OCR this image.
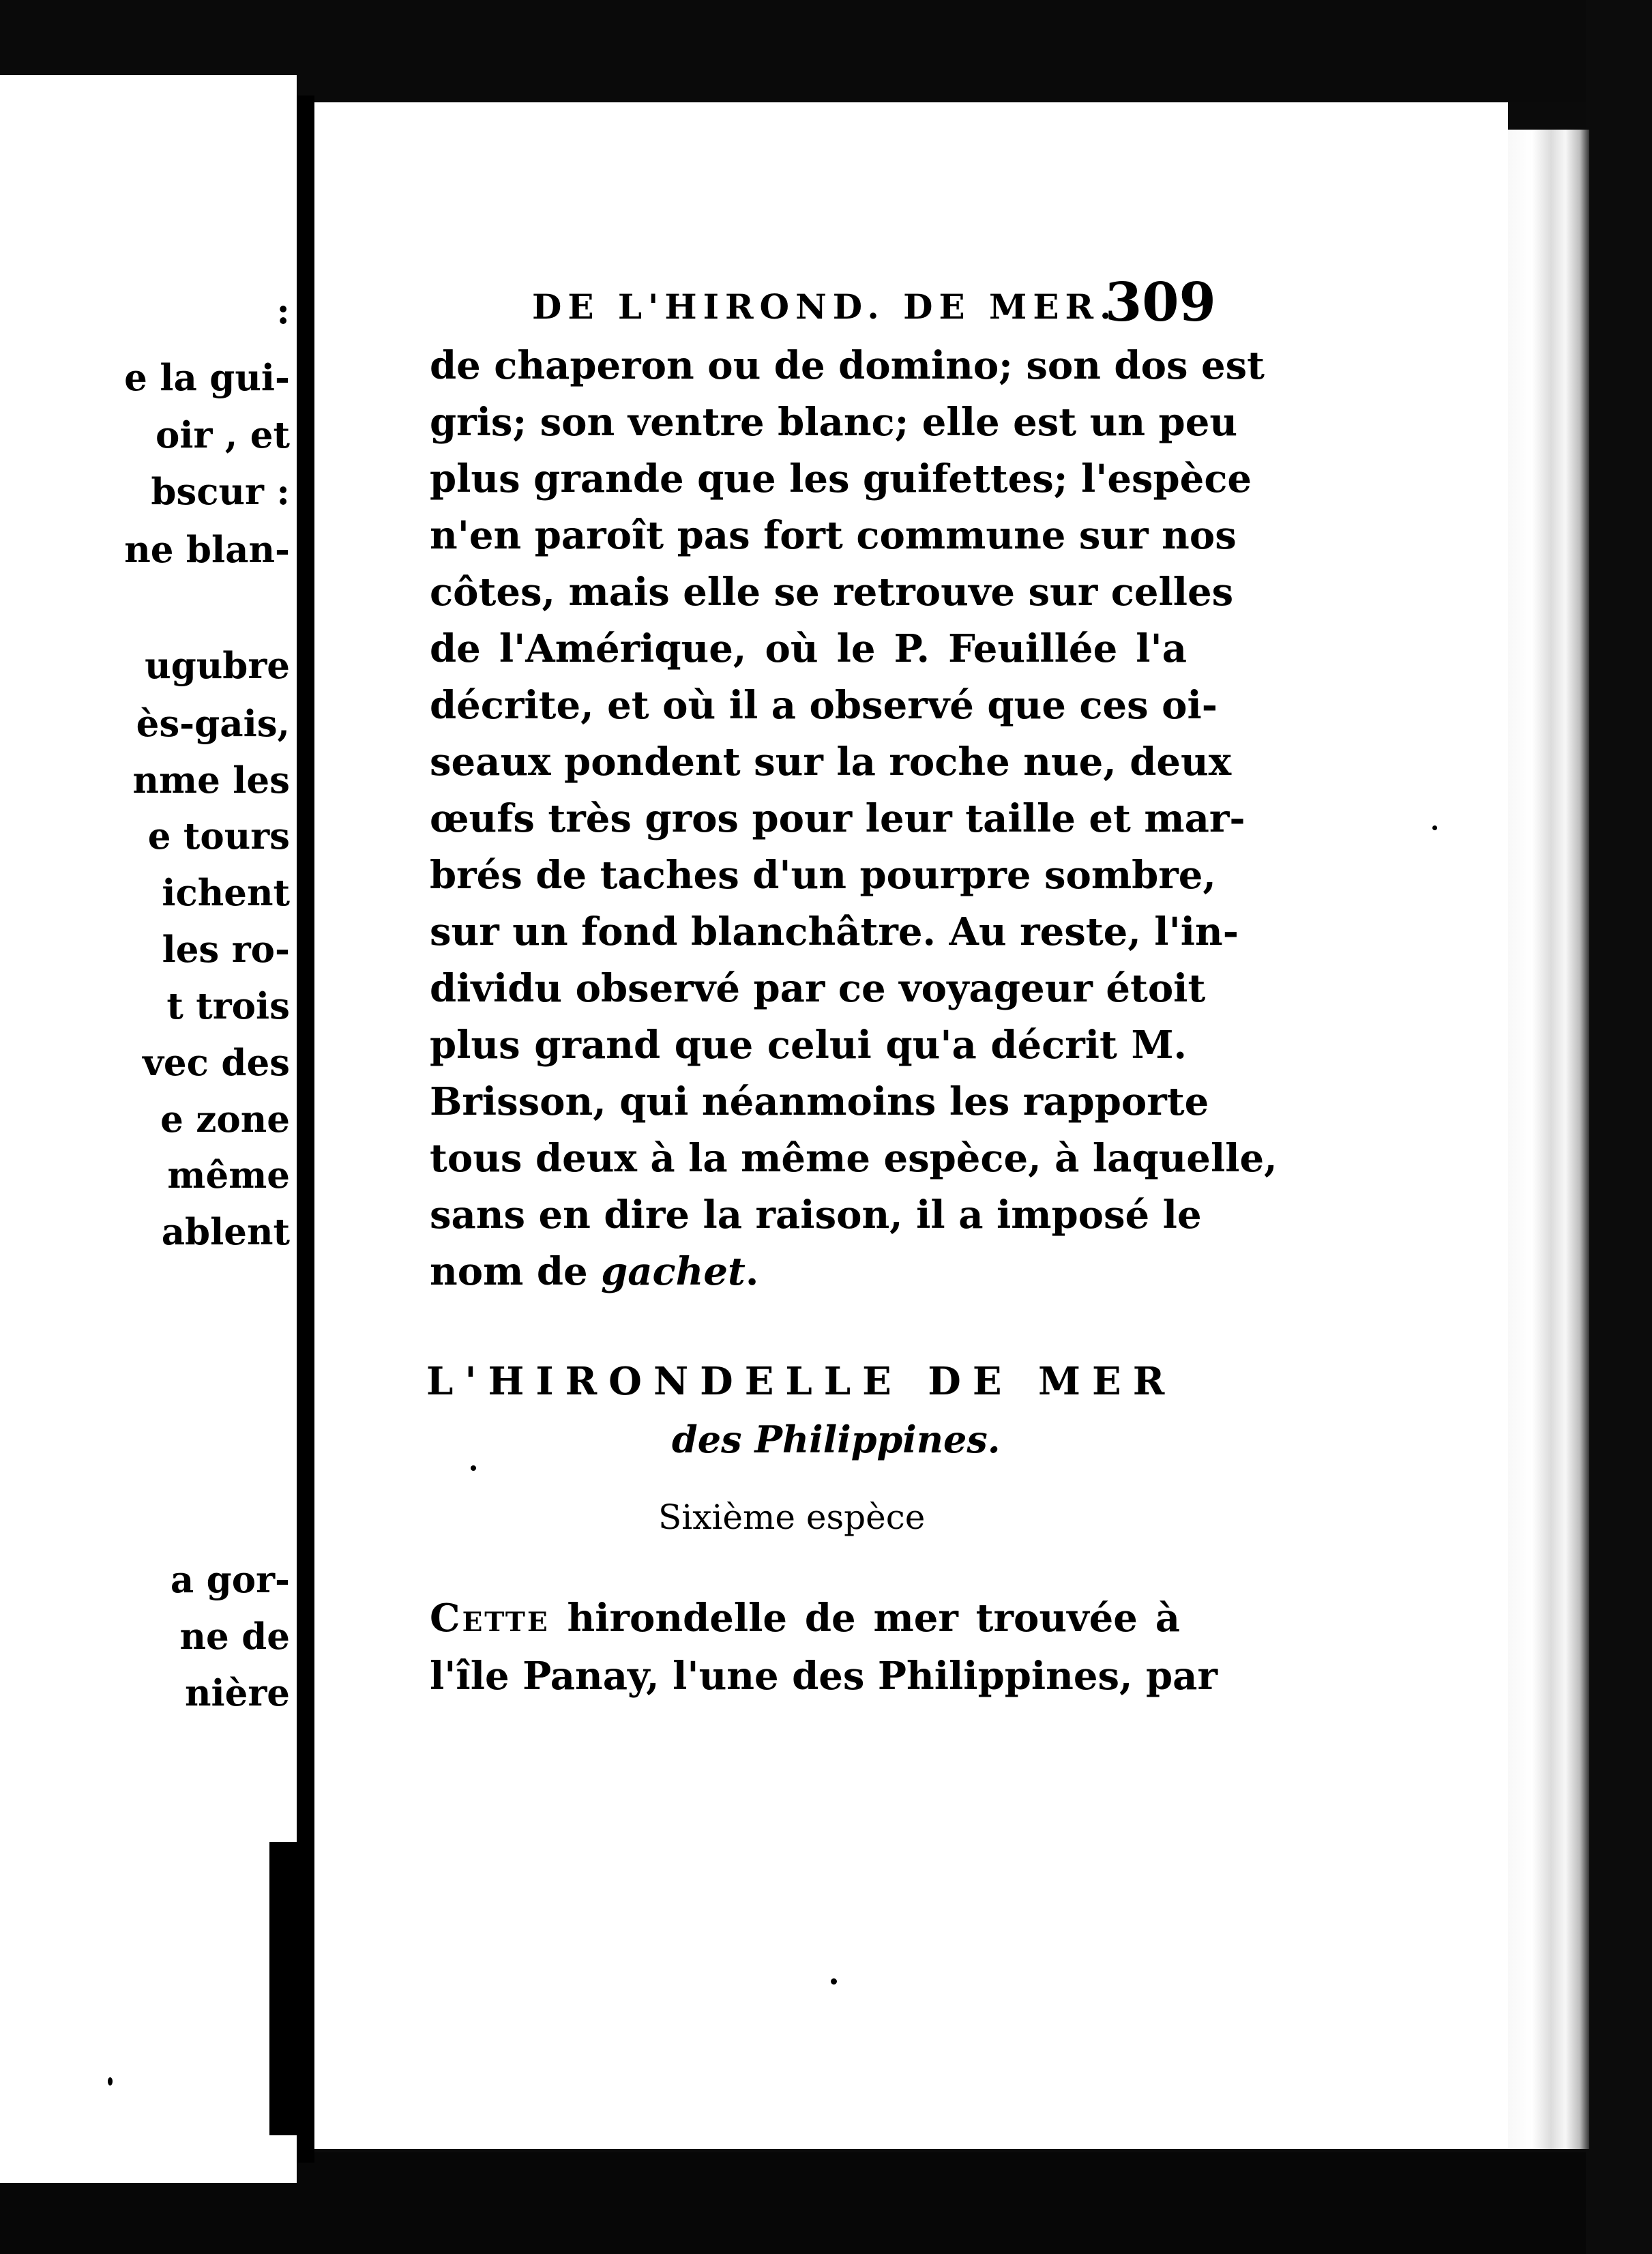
:
e la gui-
oir , et
bscur :
ne blan-
ugubre
ès-gais,
nme les
e tours
ichent
les ro-
t trois
vec des
e zone
même
ablent
a gor-
ne de
nière
DE L'HIROND. DE MER.
309
de chaperon ou de domino; son dos est
gris; son ventre blanc; elle est un peu
plus grande que les guifettes; l'espèce
n'en paroît pas fort commune sur nos
côtes, mais elle se retrouve sur celles
de l'Amérique, où le P. Feuillée l'a
décrite, et où il a observé que ces oi-
seaux pondent sur la roche nue, deux
œufs très gros pour leur taille et mar-
brés de taches d'un pourpre sombre,
sur un fond blanchâtre. Au reste, l'in-
dividu observé par ce voyageur étoit
plus grand que celui qu'a décrit M.
Brisson, qui néanmoins les rapporte
tous deux à la même espèce, à laquelle,
sans en dire la raison, il a imposé le
nom de gachet.
L'HIRONDELLE DE MER
des Philippines.
Sixième espèce
Cette hirondelle de mer trouvée à
l'île Panay, l'une des Philippines, par
